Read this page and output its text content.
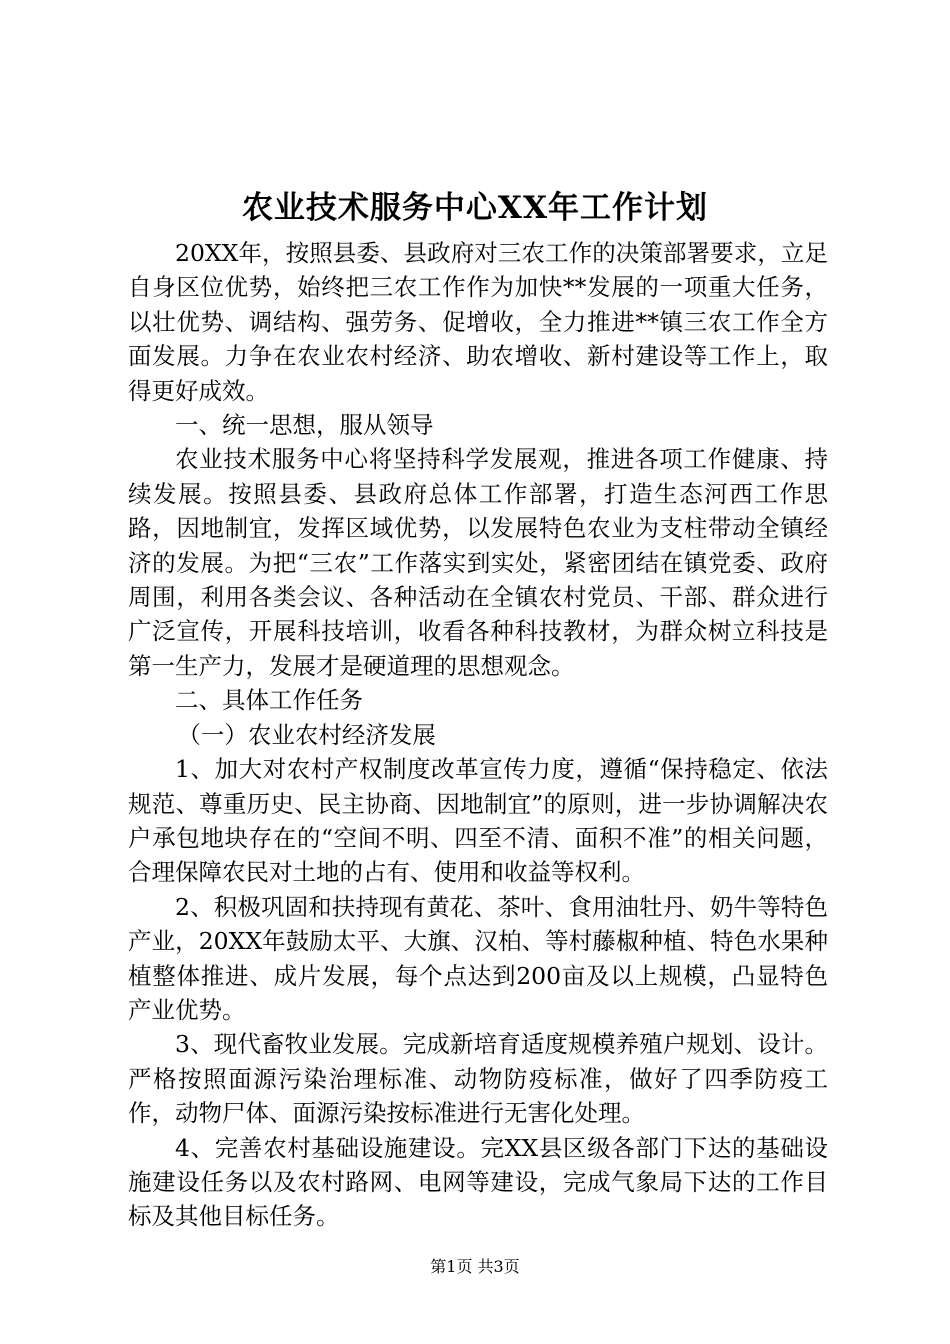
农业技术服务中心XX年工作计划

20XX年，按照县委、县政府对三农工作的决策部署要求，立足自身区位优势，始终把三农工作作为加快**发展的一项重大任务，以壮优势、调结构、强劳务、促增收，全力推进**镇三农工作全方面发展。力争在农业农村经济、助农增收、新村建设等工作上，取得更好成效。

一、统一思想，服从领导

农业技术服务中心将坚持科学发展观，推进各项工作健康、持续发展。按照县委、县政府总体工作部署，打造生态河西工作思路，因地制宜，发挥区域优势，以发展特色农业为支柱带动全镇经济的发展。为把“三农”工作落实到实处，紧密团结在镇党委、政府周围，利用各类会议、各种活动在全镇农村党员、干部、群众进行广泛宣传，开展科技培训，收看各种科技教材，为群众树立科技是第一生产力，发展才是硬道理的思想观念。

二、具体工作任务
（一）农业农村经济发展

1、加大对农村产权制度改革宣传力度，遵循“保持稳定、依法规范、尊重历史、民主协商、因地制宜”的原则，进一步协调解决农户承包地块存在的“空间不明、四至不清、面积不准”的相关问题，合理保障农民对土地的占有、使用和收益等权利。

2、积极巩固和扶持现有黄花、茶叶、食用油牡丹、奶牛等特色产业，20XX年鼓励太平、大旗、汉柏、等村藤椒种植、特色水果种植整体推进、成片发展，每个点达到200亩及以上规模，凸显特色产业优势。

3、现代畜牧业发展。完成新培育适度规模养殖户规划、设计。严格按照面源污染治理标准、动物防疫标准，做好了四季防疫工作，动物尸体、面源污染按标准进行无害化处理。

4、完善农村基础设施建设。完XX县区级各部门下达的基础设施建设任务以及农村路网、电网等建设，完成气象局下达的工作目标及其他目标任务。

第1页 共3页
